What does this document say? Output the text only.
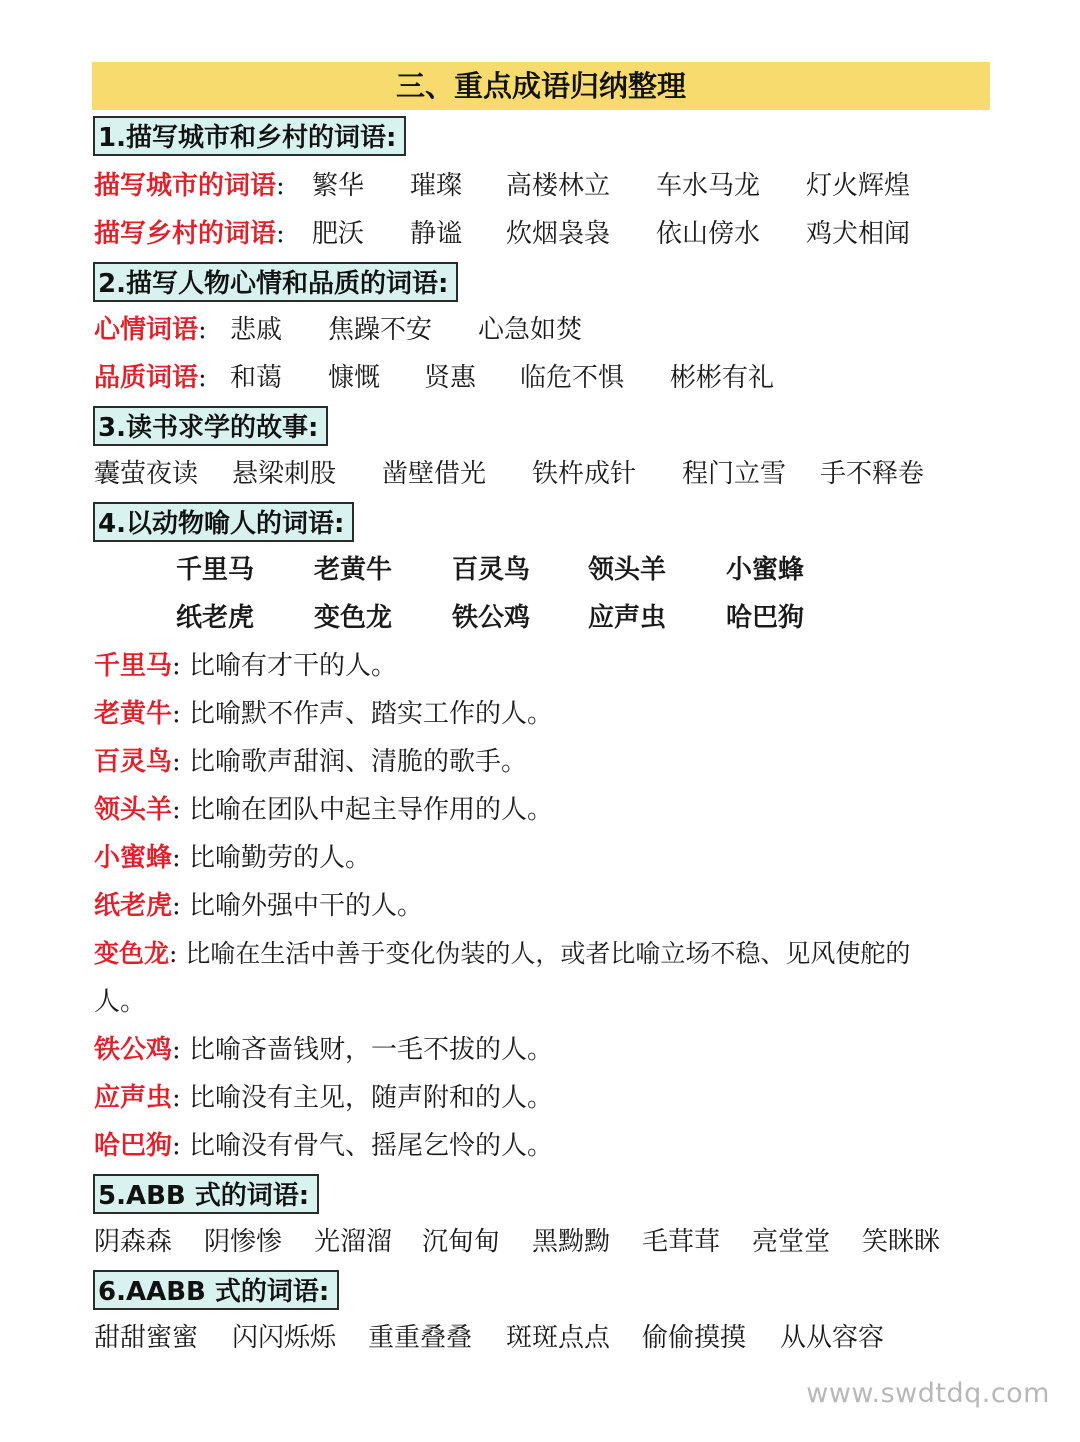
三、重点成语归纳整理
1.描写城市和乡村的词语:
描写城市的词语: 繁华 璀璨 高楼林立 车水马龙 灯火辉煌
描写乡村的词语: 肥沃 静谧 炊烟袅袅 依山傍水 鸡犬相闻
2.描写人物心情和品质的词语:
心情词语: 悲戚 焦躁不安 心急如焚
品质词语: 和蔼 慷慨 贤惠 临危不惧 彬彬有礼
3.读书求学的故事:
囊萤夜读 悬梁刺股 凿壁借光 铁杵成针 程门立雪 手不释卷
4.以动物喻人的词语:
千里马 老黄牛 百灵鸟 领头羊 小蜜蜂
纸老虎 变色龙 铁公鸡 应声虫 哈巴狗
千里马: 比喻有才干的人。
老黄牛: 比喻默不作声、踏实工作的人。
百灵鸟: 比喻歌声甜润、清脆的歌手。
领头羊: 比喻在团队中起主导作用的人。
小蜜蜂: 比喻勤劳的人。
纸老虎: 比喻外强中干的人。
变色龙: 比喻在生活中善于变化伪装的人，或者比喻立场不稳、见风使舵的
人。
铁公鸡: 比喻吝啬钱财，一毛不拔的人。
应声虫: 比喻没有主见，随声附和的人。
哈巴狗: 比喻没有骨气、摇尾乞怜的人。
5.ABB 式的词语:
阴森森 阴惨惨 光溜溜 沉甸甸 黑黝黝 毛茸茸 亮堂堂 笑眯眯
6.AABB 式的词语:
甜甜蜜蜜 闪闪烁烁 重重叠叠 斑斑点点 偷偷摸摸 从从容容
www.swdtdq.com
